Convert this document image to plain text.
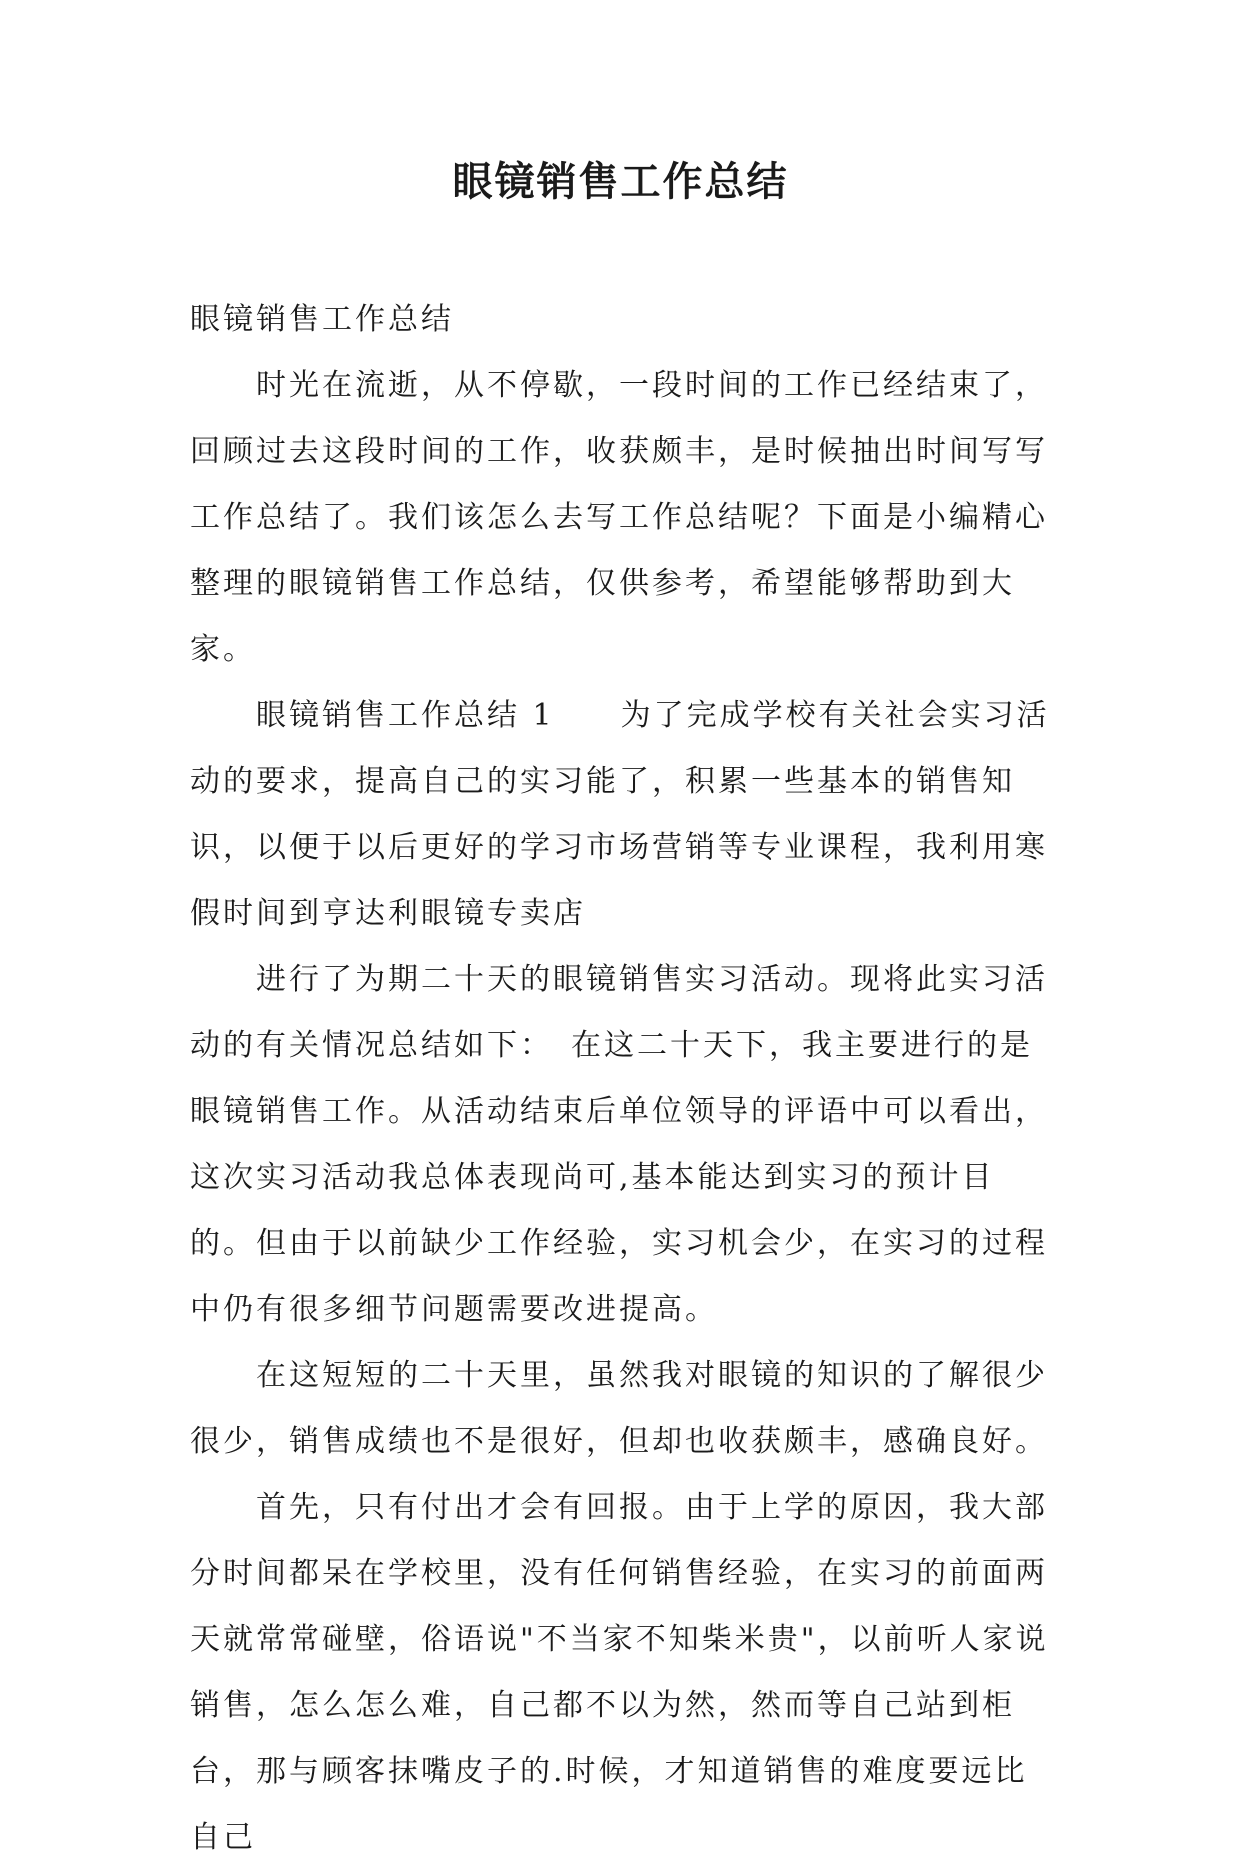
眼镜销售工作总结

眼镜销售工作总结

时光在流逝，从不停歇，一段时间的工作已经结束了，回顾过去这段时间的工作，收获颇丰，是时候抽出时间写写工作总结了。我们该怎么去写工作总结呢？下面是小编精心整理的眼镜销售工作总结，仅供参考，希望能够帮助到大家。

眼镜销售工作总结 1　　为了完成学校有关社会实习活动的要求，提高自己的实习能了，积累一些基本的销售知识，以便于以后更好的学习市场营销等专业课程，我利用寒假时间到亨达利眼镜专卖店

进行了为期二十天的眼镜销售实习活动。现将此实习活动的有关情况总结如下：　在这二十天下，我主要进行的是眼镜销售工作。从活动结束后单位领导的评语中可以看出，这次实习活动我总体表现尚可,基本能达到实习的预计目的。但由于以前缺少工作经验，实习机会少，在实习的过程中仍有很多细节问题需要改进提高。

在这短短的二十天里，虽然我对眼镜的知识的了解很少很少，销售成绩也不是很好，但却也收获颇丰，感确良好。

首先，只有付出才会有回报。由于上学的原因，我大部分时间都呆在学校里，没有任何销售经验，在实习的前面两天就常常碰壁，俗语说"不当家不知柴米贵"，以前听人家说销售，怎么怎么难，自己都不以为然，然而等自己站到柜台，那与顾客抹嘴皮子的.时候，才知道销售的难度要远比自己
